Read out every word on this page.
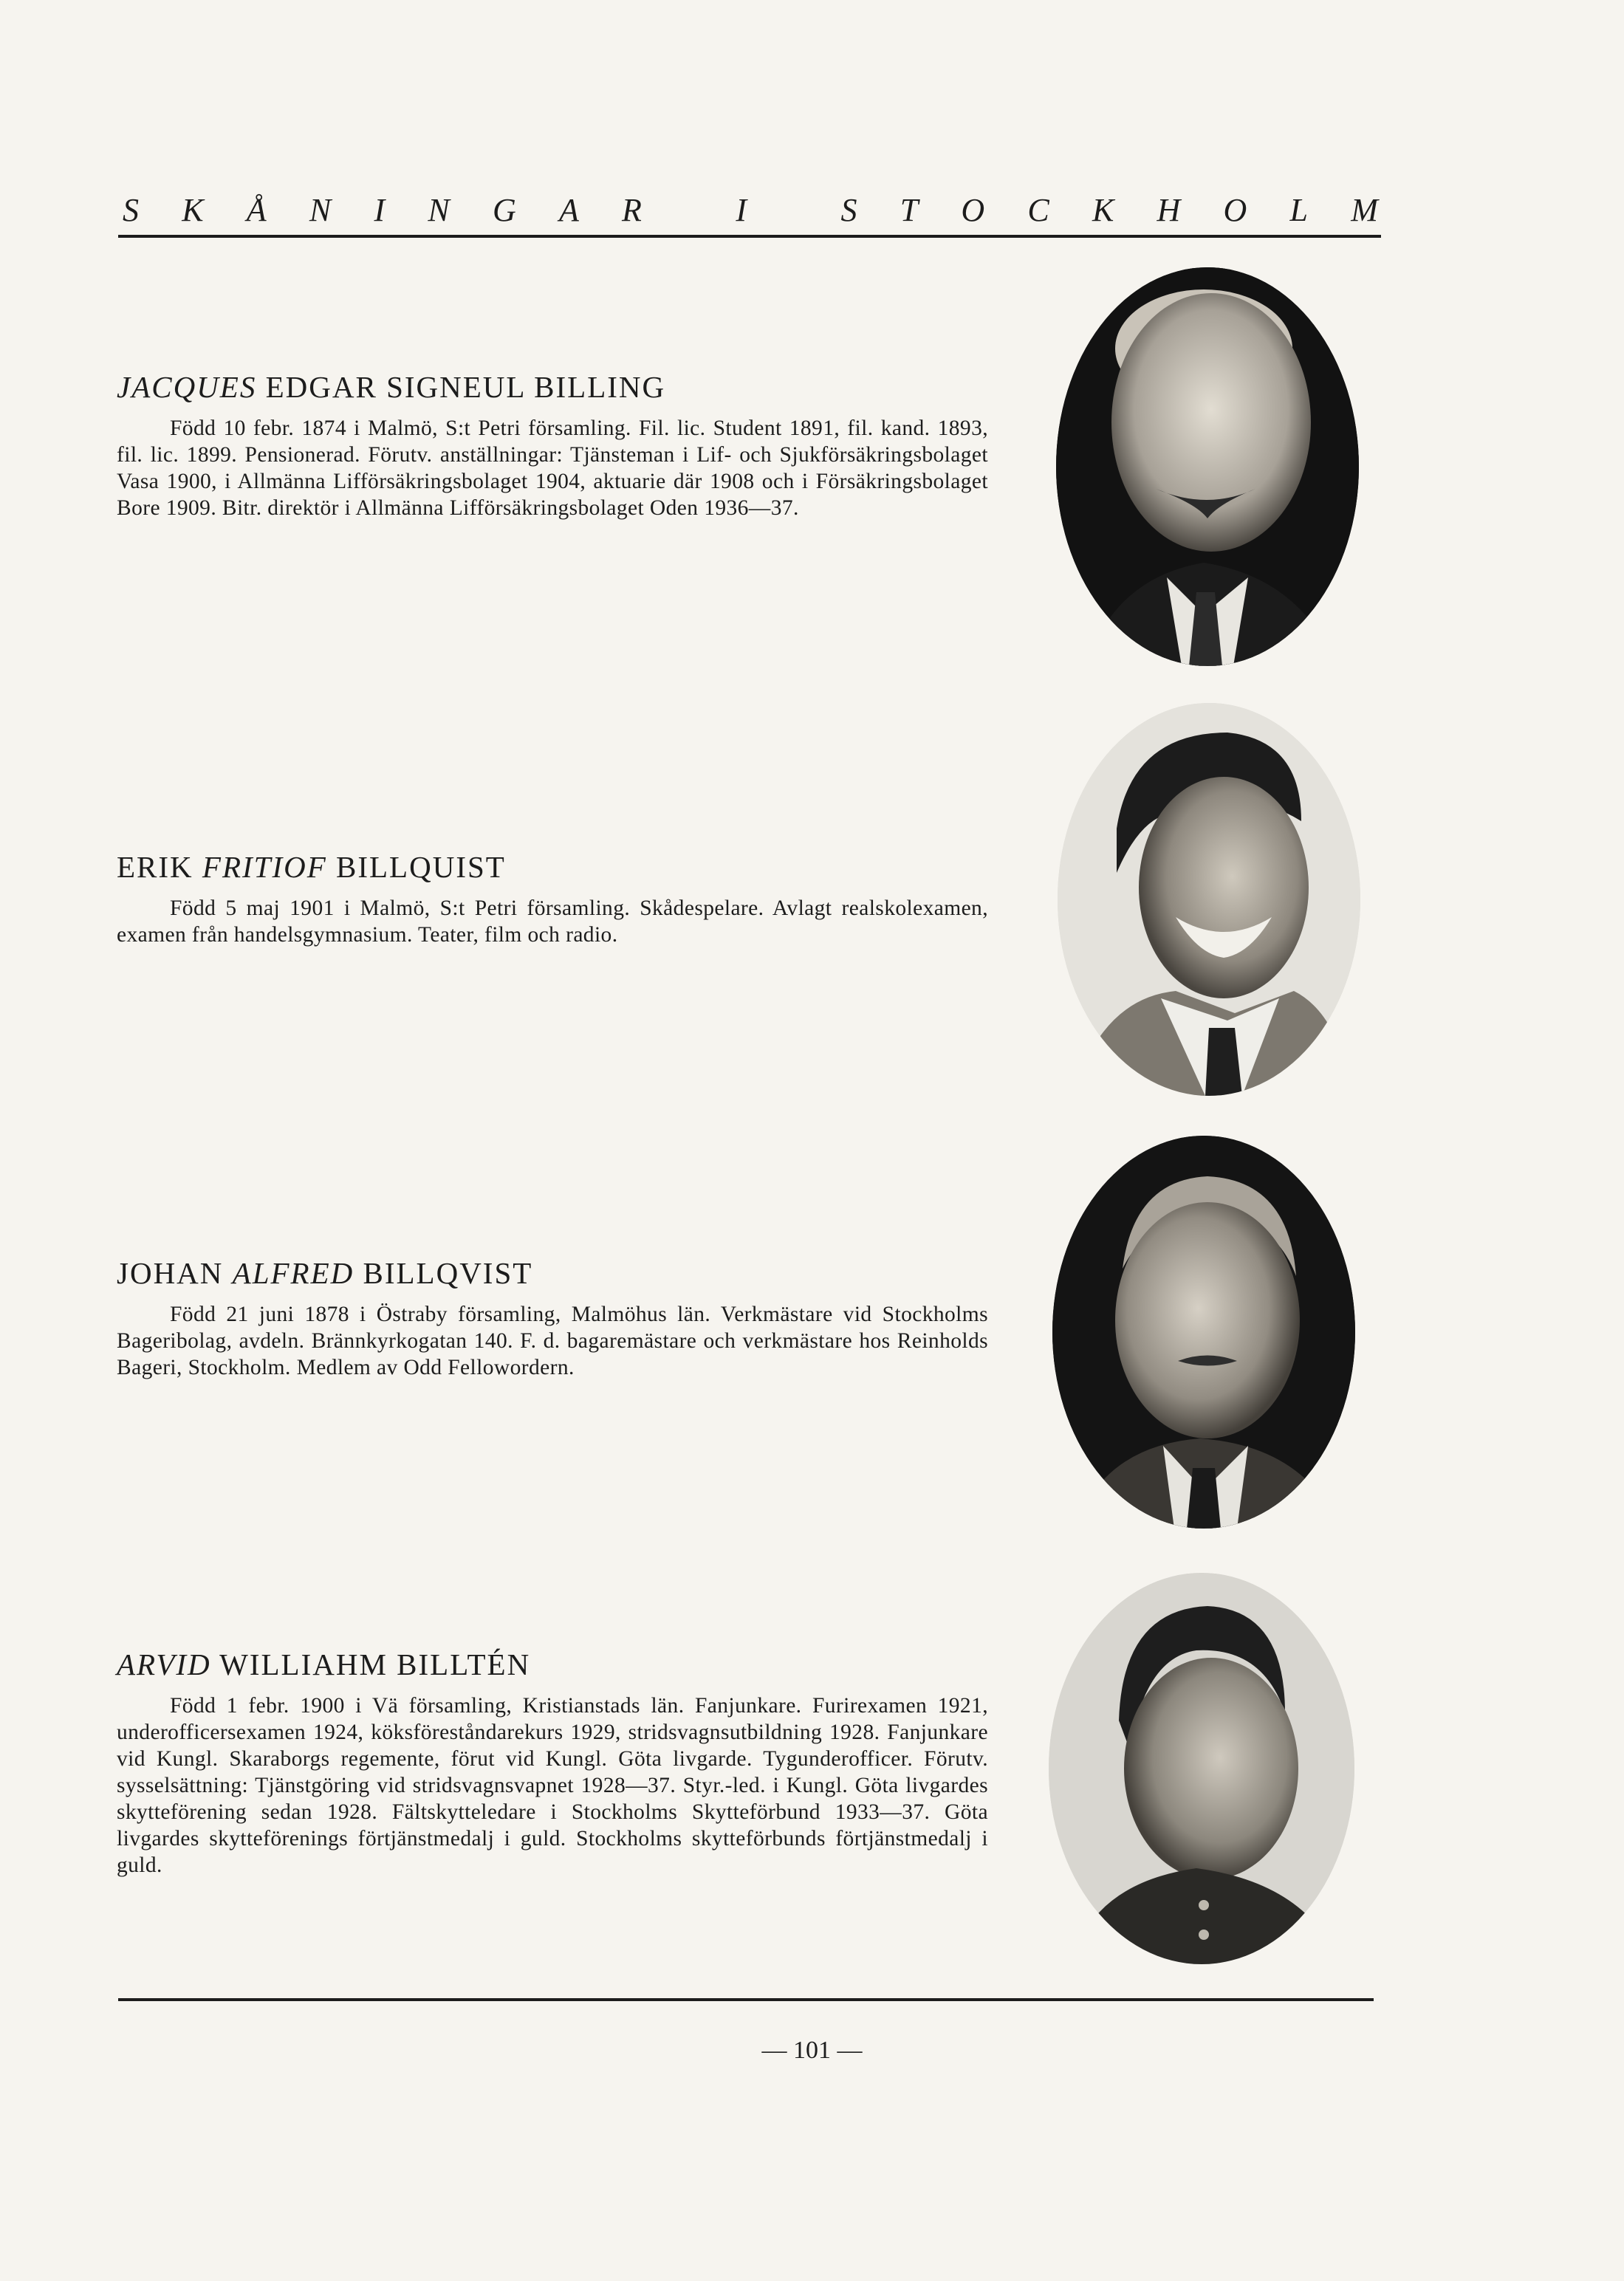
S K Å N I N G A R
	I
	S T O C K H O L M
JACQUES EDGAR SIGNEUL BILLING

Född 10 febr. 1874 i Malmö, S:t Petri församling. Fil. lic. Student 1891, fil. kand. 1893, fil. lic. 1899. Pensionerad. Förutv. anställningar: Tjänsteman i Lif- och Sjukförsäkringsbolaget Vasa 1900, i Allmänna Lifförsäkringsbolaget 1904, aktuarie där 1908 och i Försäkringsbolaget Bore 1909. Bitr. direktör i Allmänna Lifförsäkringsbolaget Oden 1936—37.

ERIK FRITIOF BILLQUIST

Född 5 maj 1901 i Malmö, S:t Petri församling. Skådespelare. Avlagt realskolexamen, examen från handelsgymnasium. Teater, film och radio.

JOHAN ALFRED BILLQVIST

Född 21 juni 1878 i Östraby församling, Malmöhus län. Verkmästare vid Stockholms Bageribolag, avdeln. Brännkyrkogatan 140. F. d. bagaremästare och verkmästare hos Reinholds Bageri, Stockholm. Medlem av Odd Fellowordern.

ARVID WILLIAHM BILLTÉN

Född 1 febr. 1900 i Vä församling, Kristianstads län. Fanjunkare. Furirexamen 1921, underofficersexamen 1924, köksföreståndarekurs 1929, stridsvagnsutbildning 1928. Fanjunkare vid Kungl. Skaraborgs regemente, förut vid Kungl. Göta livgarde. Tygunderofficer. Förutv. sysselsättning: Tjänstgöring vid stridsvagnsvapnet 1928—37. Styr.-led. i Kungl. Göta livgardes skytteförening sedan 1928. Fältskytteledare i Stockholms Skytteförbund 1933—37. Göta livgardes skytteförenings förtjänstmedalj i guld. Stockholms skytteförbunds förtjänstmedalj i guld.

— 101 —
